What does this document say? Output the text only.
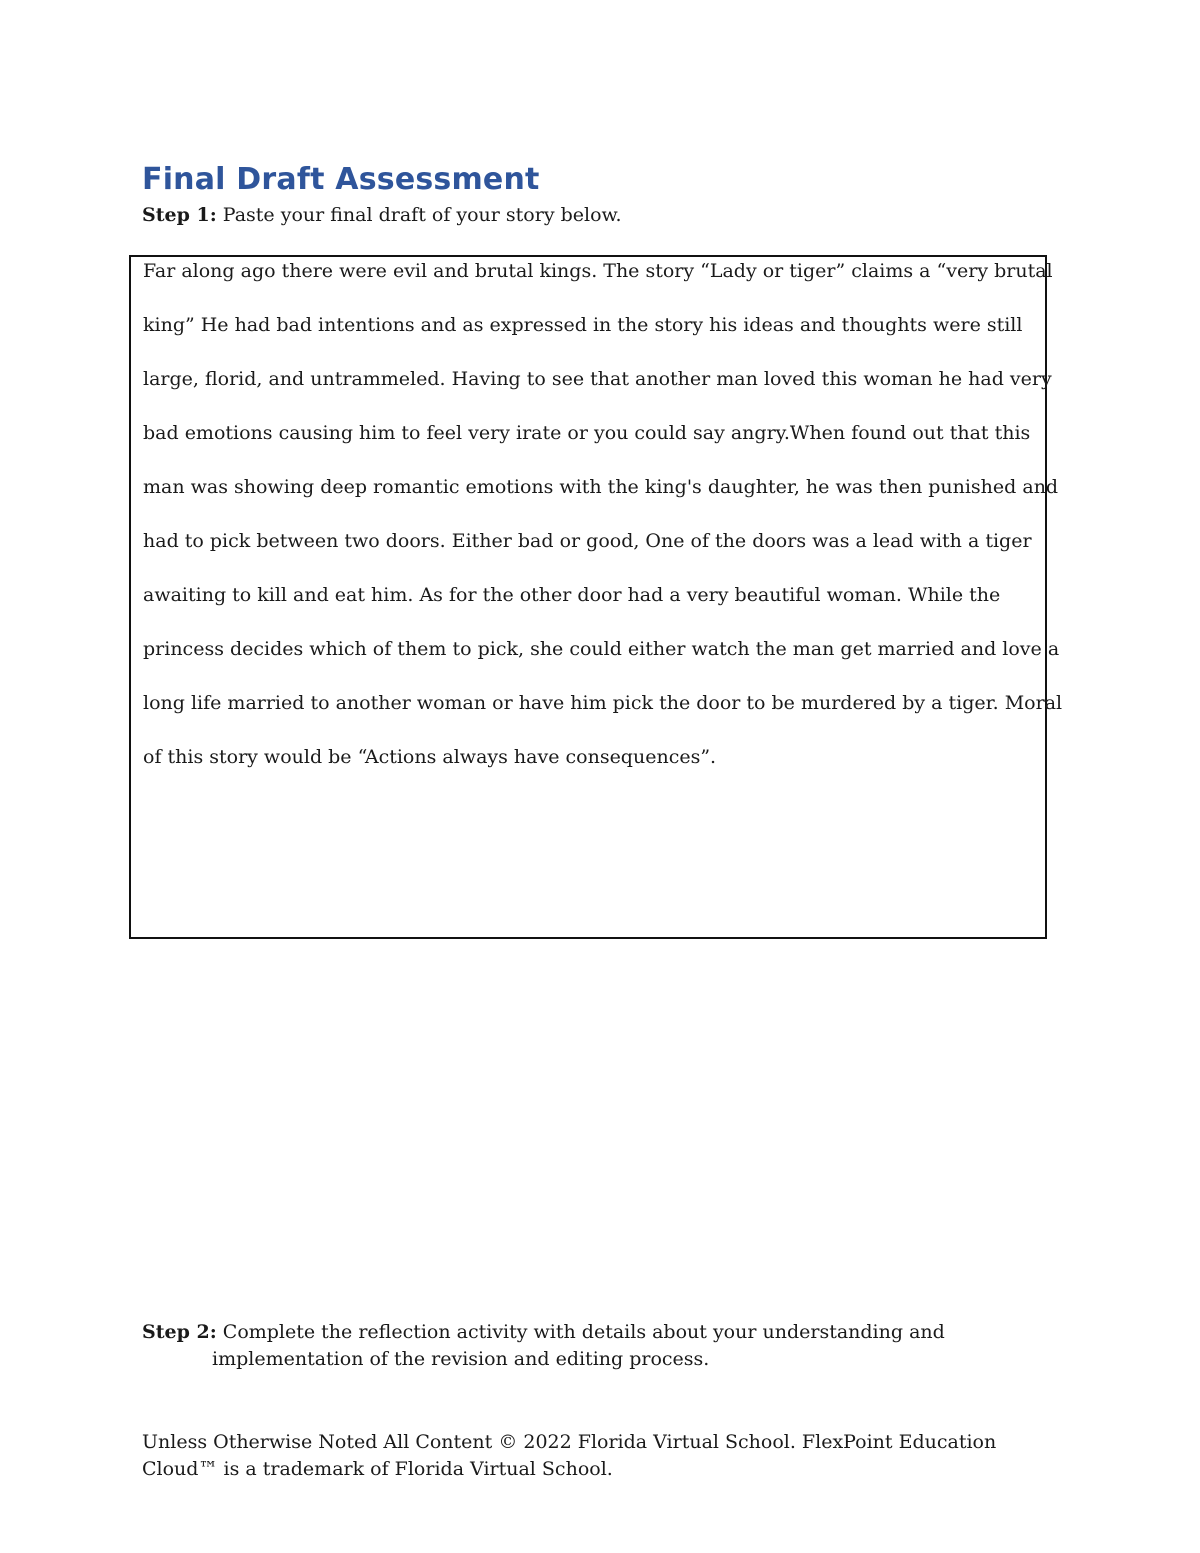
Final Draft Assessment
Step 1: Paste your final draft of your story below.

Far along ago there were evil and brutal kings. The story “Lady or tiger” claims a “very brutal

king” He had bad intentions and as expressed in the story his ideas and thoughts were still

large, florid, and untrammeled. Having to see that another man loved this woman he had very

bad emotions causing him to feel very irate or you could say angry.When found out that this

man was showing deep romantic emotions with the king's daughter, he was then punished and

had to pick between two doors. Either bad or good, One of the doors was a lead with a tiger

awaiting to kill and eat him. As for the other door had a very beautiful woman. While the

princess decides which of them to pick, she could either watch the man get married and love a

long life married to another woman or have him pick the door to be murdered by a tiger. Moral

of this story would be “Actions always have consequences”.

Step 2: Complete the reflection activity with details about your understanding and
implementation of the revision and editing process.
Unless Otherwise Noted All Content © 2022 Florida Virtual School. FlexPoint Education
Cloud™ is a trademark of Florida Virtual School.
